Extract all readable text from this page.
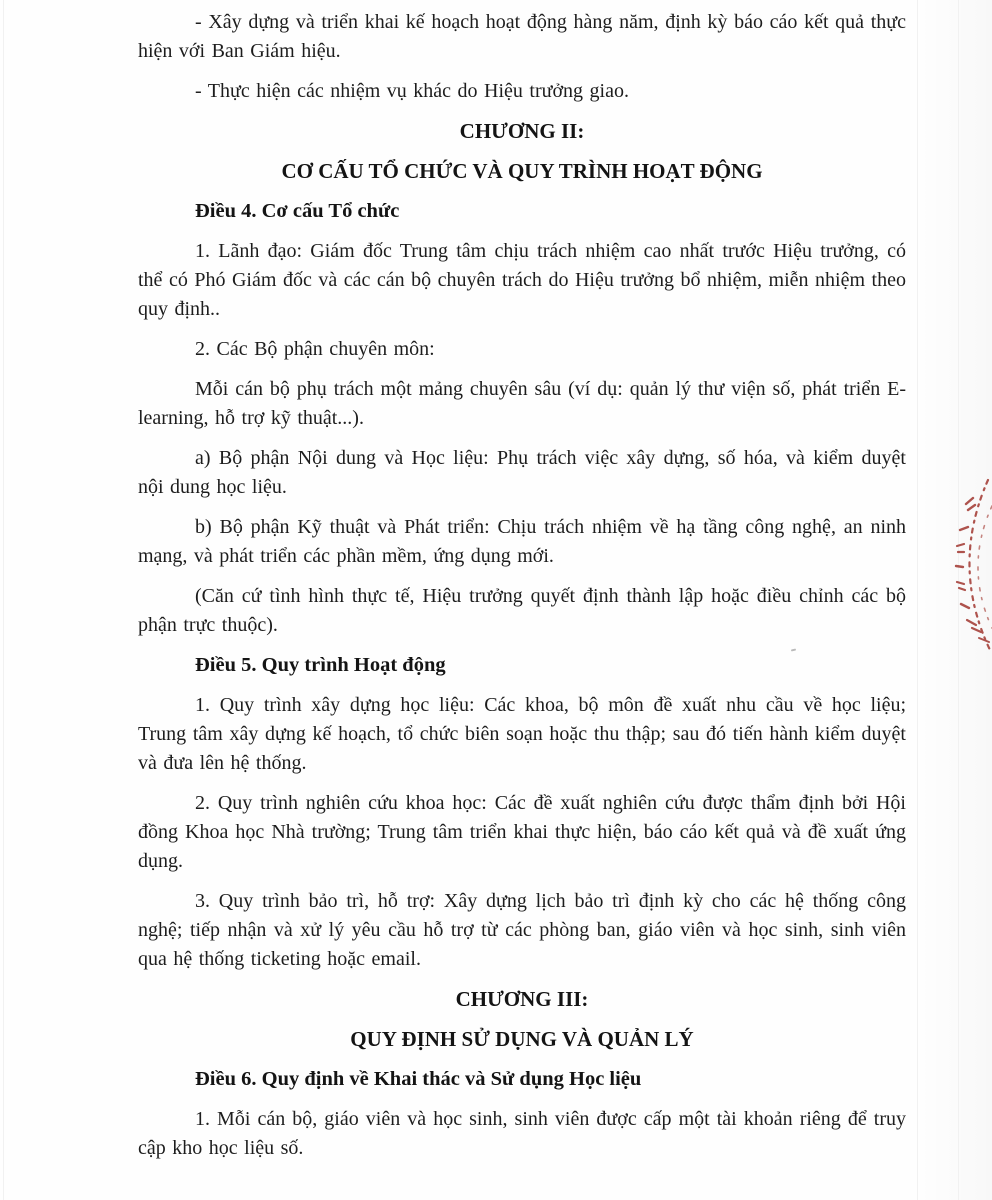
- Xây dựng và triển khai kế hoạch hoạt động hàng năm, định kỳ báo cáo kết quả thực hiện với Ban Giám hiệu.

- Thực hiện các nhiệm vụ khác do Hiệu trưởng giao.

CHƯƠNG II:

CƠ CẤU TỔ CHỨC VÀ QUY TRÌNH HOẠT ĐỘNG

Điều 4. Cơ cấu Tổ chức

1. Lãnh đạo: Giám đốc Trung tâm chịu trách nhiệm cao nhất trước Hiệu trưởng, có thể có Phó Giám đốc và các cán bộ chuyên trách do Hiệu trưởng bổ nhiệm, miễn nhiệm theo quy định..

2. Các Bộ phận chuyên môn:

Mỗi cán bộ phụ trách một mảng chuyên sâu (ví dụ: quản lý thư viện số, phát triển E-learning, hỗ trợ kỹ thuật...).

a) Bộ phận Nội dung và Học liệu: Phụ trách việc xây dựng, số hóa, và kiểm duyệt nội dung học liệu.

b) Bộ phận Kỹ thuật và Phát triển: Chịu trách nhiệm về hạ tầng công nghệ, an ninh mạng, và phát triển các phần mềm, ứng dụng mới.

(Căn cứ tình hình thực tế, Hiệu trưởng quyết định thành lập hoặc điều chỉnh các bộ phận trực thuộc).

Điều 5. Quy trình Hoạt động

1. Quy trình xây dựng học liệu: Các khoa, bộ môn đề xuất nhu cầu về học liệu; Trung tâm xây dựng kế hoạch, tổ chức biên soạn hoặc thu thập; sau đó tiến hành kiểm duyệt và đưa lên hệ thống.

2. Quy trình nghiên cứu khoa học: Các đề xuất nghiên cứu được thẩm định bởi Hội đồng Khoa học Nhà trường; Trung tâm triển khai thực hiện, báo cáo kết quả và đề xuất ứng dụng.

3. Quy trình bảo trì, hỗ trợ: Xây dựng lịch bảo trì định kỳ cho các hệ thống công nghệ; tiếp nhận và xử lý yêu cầu hỗ trợ từ các phòng ban, giáo viên và học sinh, sinh viên qua hệ thống ticketing hoặc email.

CHƯƠNG III:

QUY ĐỊNH SỬ DỤNG VÀ QUẢN LÝ

Điều 6. Quy định về Khai thác và Sử dụng Học liệu

1. Mỗi cán bộ, giáo viên và học sinh, sinh viên được cấp một tài khoản riêng để truy cập kho học liệu số.
